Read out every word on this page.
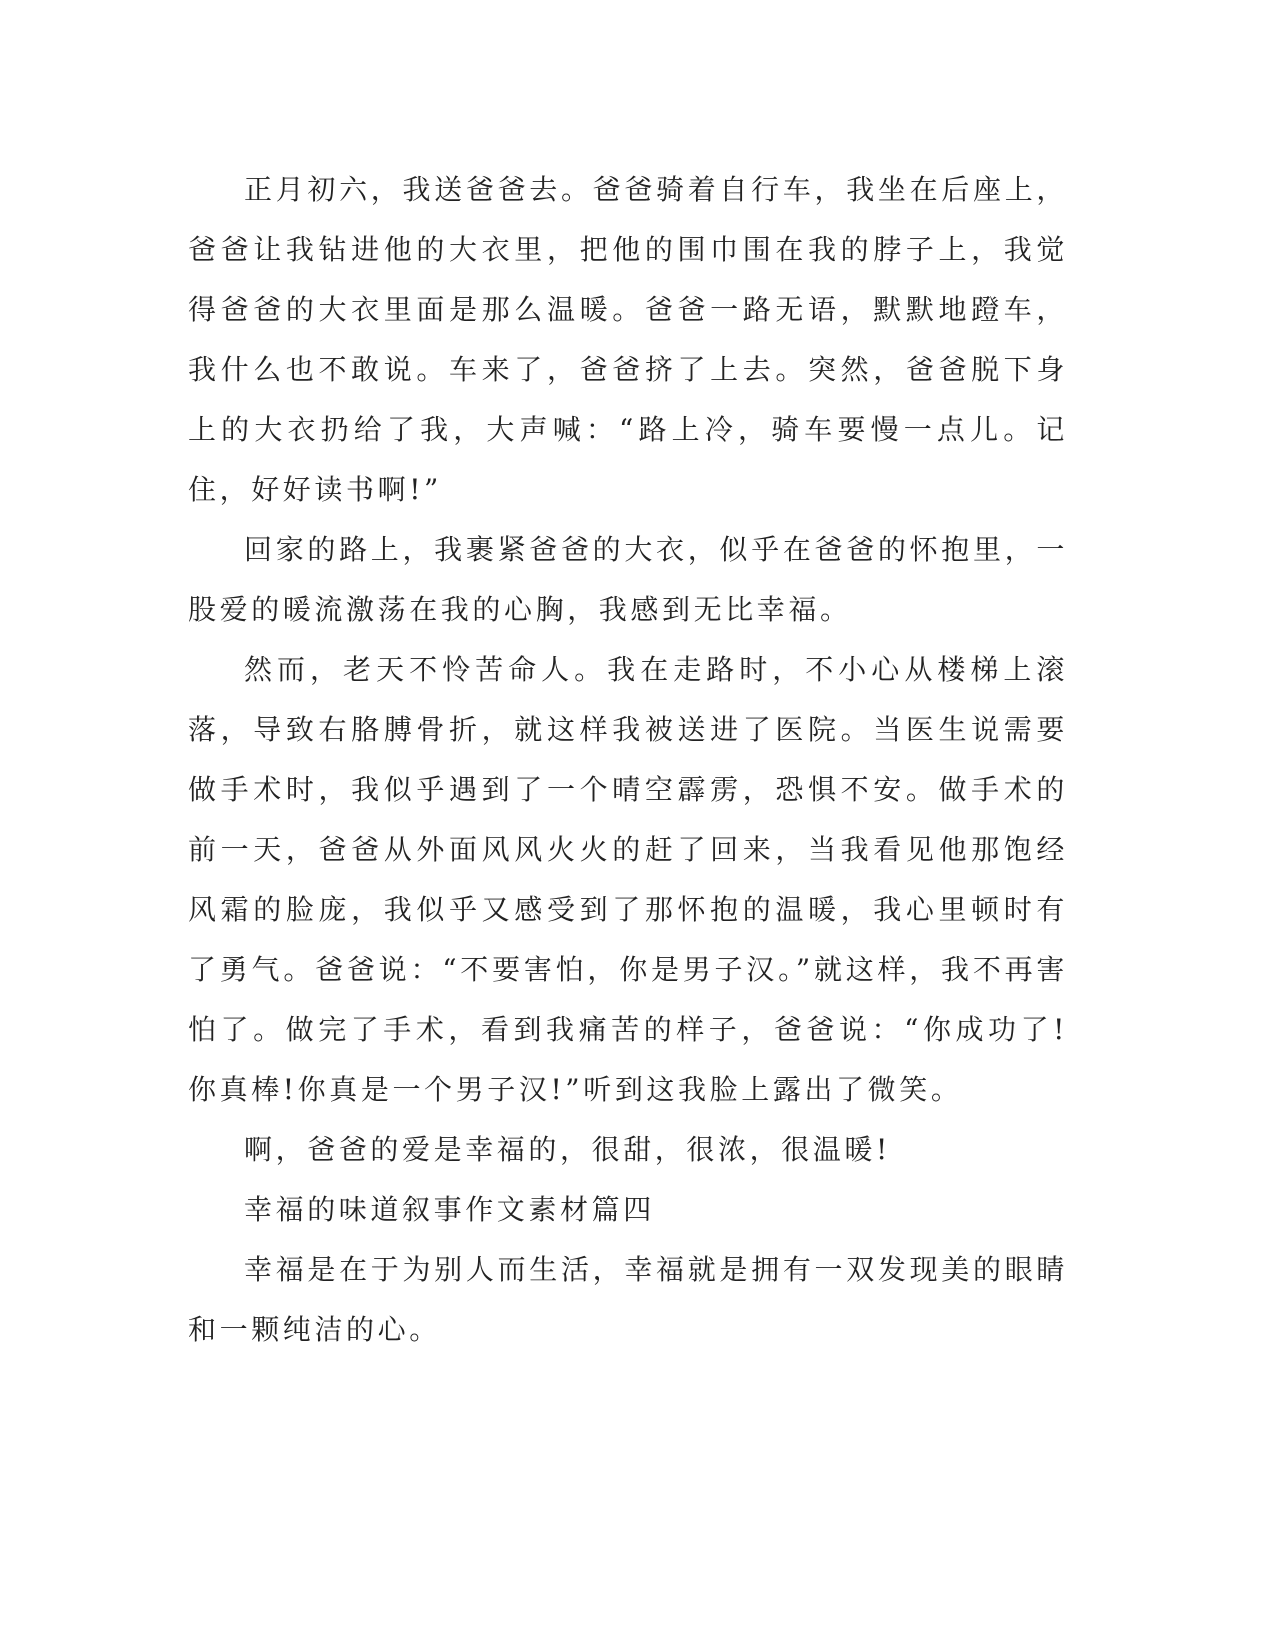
正月初六，我送爸爸去。爸爸骑着自行车，我坐在后座上，爸爸让我钻进他的大衣里，把他的围巾围在我的脖子上，我觉得爸爸的大衣里面是那么温暖。爸爸一路无语，默默地蹬车，我什么也不敢说。车来了，爸爸挤了上去。突然，爸爸脱下身上的大衣扔给了我，大声喊：“路上冷，骑车要慢一点儿。记住，好好读书啊!”

回家的路上，我裹紧爸爸的大衣，似乎在爸爸的怀抱里，一股爱的暖流激荡在我的心胸，我感到无比幸福。

然而，老天不怜苦命人。我在走路时，不小心从楼梯上滚落，导致右胳膊骨折，就这样我被送进了医院。当医生说需要做手术时，我似乎遇到了一个晴空霹雳，恐惧不安。做手术的前一天，爸爸从外面风风火火的赶了回来，当我看见他那饱经风霜的脸庞，我似乎又感受到了那怀抱的温暖，我心里顿时有了勇气。爸爸说：“不要害怕，你是男子汉。”就这样，我不再害怕了。做完了手术，看到我痛苦的样子，爸爸说：“你成功了!你真棒!你真是一个男子汉!”听到这我脸上露出了微笑。

啊，爸爸的爱是幸福的，很甜，很浓，很温暖!

幸福的味道叙事作文素材篇四

幸福是在于为别人而生活，幸福就是拥有一双发现美的眼睛和一颗纯洁的心。
